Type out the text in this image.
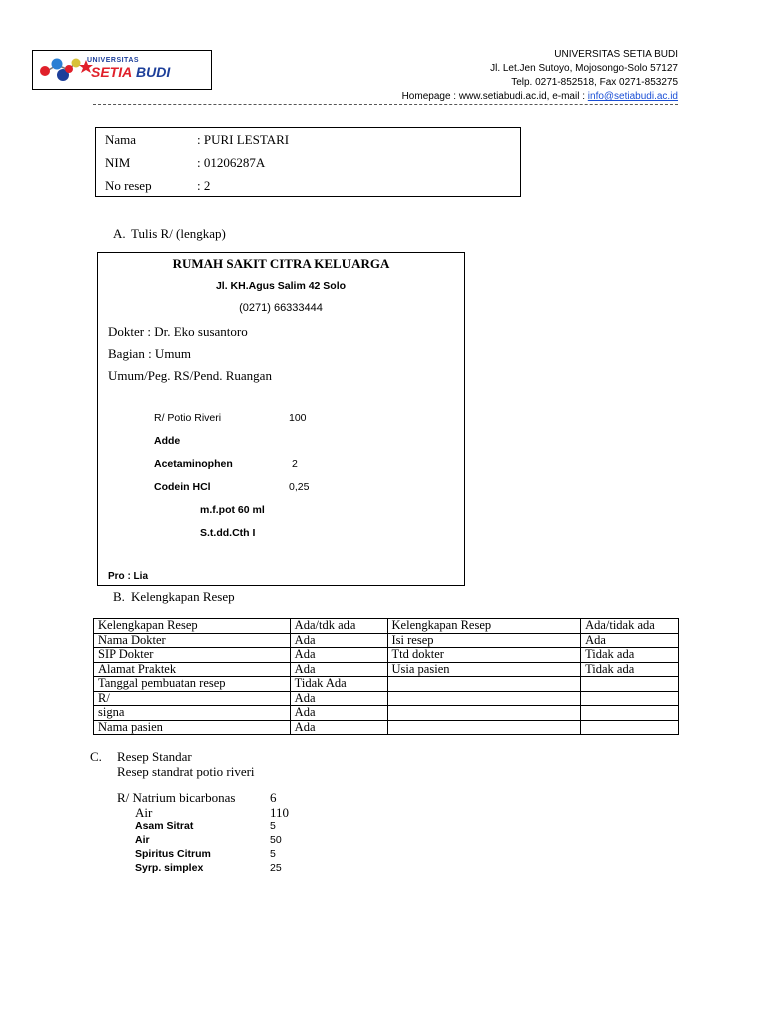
UNIVERSITAS
SETIA BUDI
UNIVERSITAS SETIA BUDI
Jl. Let.Jen Sutoyo, Mojosongo-Solo 57127
Telp. 0271-852518, Fax 0271-853275
Homepage : www.setiabudi.ac.id, e-mail : info@setiabudi.ac.id
Nama	: PURI LESTARI
NIM	: 01206287A
No resep	: 2
A. Tulis R/ (lengkap)
RUMAH SAKIT CITRA KELUARGA
Jl. KH.Agus Salim 42 Solo
(0271) 66333444
Dokter : Dr. Eko susantoro
Bagian : Umum
Umum/Peg. RS/Pend. Ruangan
R/ Potio Riveri	100
Adde
Acetaminophen	2
Codein HCl	0,25
m.f.pot 60 ml
S.t.dd.Cth I
Pro : Lia
B. Kelengkapan Resep
Kelengkapan Resep	Ada/tdk ada	Kelengkapan Resep	Ada/tidak ada
Nama Dokter	Ada	Isi resep	Ada
SIP Dokter	Ada	Ttd dokter	Tidak ada
Alamat Praktek	Ada	Usia pasien	Tidak ada
Tanggal pembuatan resep	Tidak Ada		
R/	Ada		
signa	Ada		
Nama pasien	Ada		
C. Resep Standar
Resep standrat potio riveri
R/ Natrium bicarbonas	6
Air	110
Asam Sitrat	5
Air	50
Spiritus Citrum	5
Syrp. simplex	25
